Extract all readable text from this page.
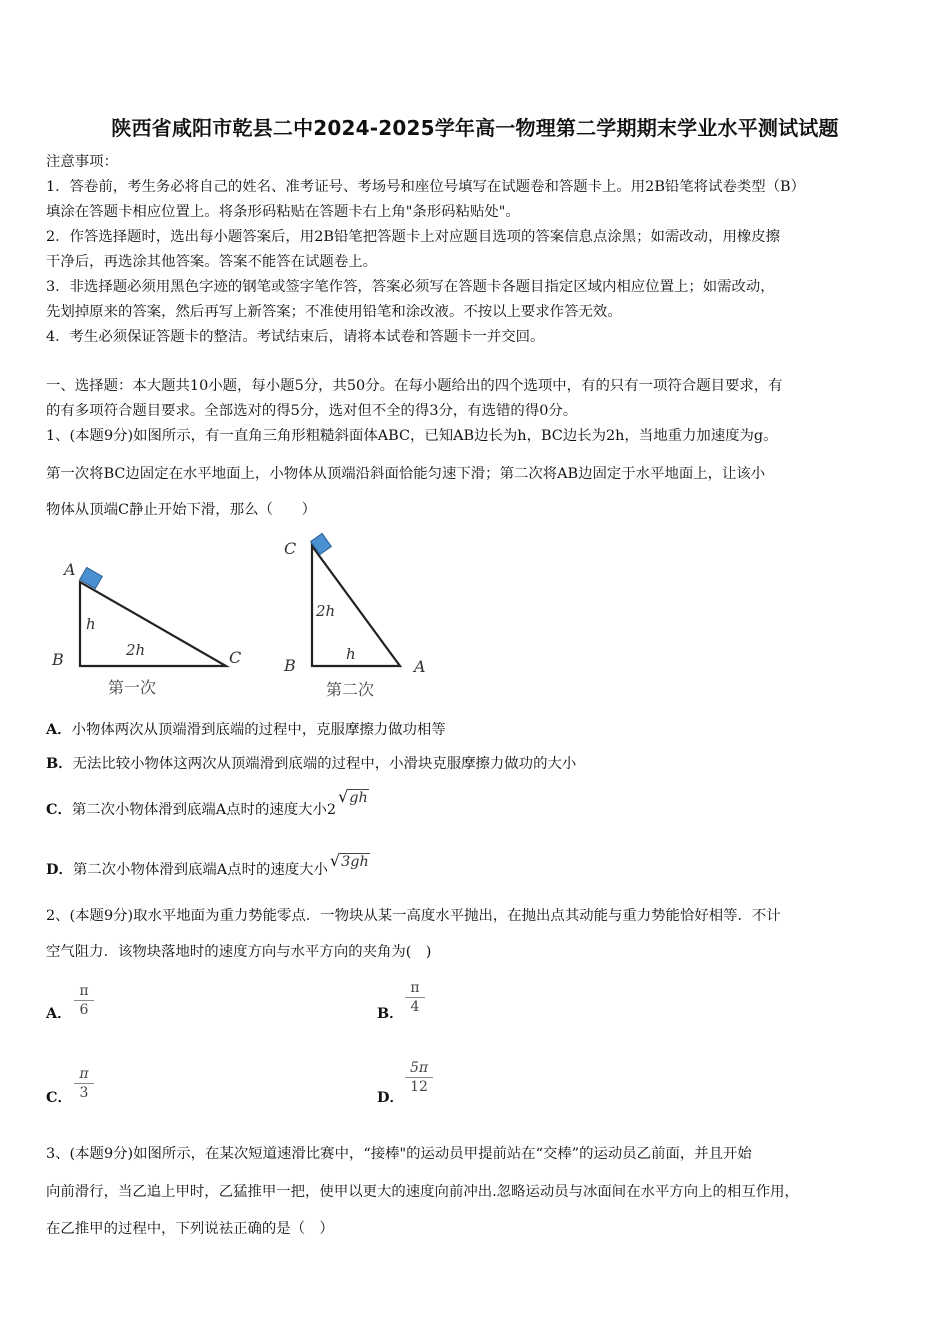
陕西省咸阳市乾县二中2024-2025学年高一物理第二学期期末学业水平测试试题
注意事项：
1．答卷前，考生务必将自己的姓名、准考证号、考场号和座位号填写在试题卷和答题卡上。用2B铅笔将试卷类型（B）
填涂在答题卡相应位置上。将条形码粘贴在答题卡右上角"条形码粘贴处"。
2．作答选择题时，选出每小题答案后，用2B铅笔把答题卡上对应题目选项的答案信息点涂黑；如需改动，用橡皮擦
干净后，再选涂其他答案。答案不能答在试题卷上。
3．非选择题必须用黑色字迹的钢笔或签字笔作答，答案必须写在答题卡各题目指定区域内相应位置上；如需改动，
先划掉原来的答案，然后再写上新答案；不准使用铅笔和涂改液。不按以上要求作答无效。
4．考生必须保证答题卡的整洁。考试结束后，请将本试卷和答题卡一并交回。
一、选择题：本大题共10小题，每小题5分，共50分。在每小题给出的四个选项中，有的只有一项符合题目要求，有
的有多项符合题目要求。全部选对的得5分，选对但不全的得3分，有选错的得0分。
1、(本题9分)如图所示，有一直角三角形粗糙斜面体ABC，已知AB边长为h，BC边长为2h，当地重力加速度为g。
第一次将BC边固定在水平地面上，小物体从顶端沿斜面恰能匀速下滑；第二次将AB边固定于水平地面上，让该小
物体从顶端C静止开始下滑，那么（　　）
A
B	C
h
2h
第一次
C
B	A
2h
h
第二次
A．小物体两次从顶端滑到底端的过程中，克服摩擦力做功相等
B．无法比较小物体这两次从顶端滑到底端的过程中，小滑块克服摩擦力做功的大小
C．第二次小物体滑到底端A点时的速度大小2√gh
D．第二次小物体滑到底端A点时的速度大小 √3gh
2、(本题9分)取水平地面为重力势能零点．一物块从某一高度水平抛出，在抛出点其动能与重力势能恰好相等．不计
空气阻力．该物块落地时的速度方向与水平方向的夹角为(　)
A． $\frac{\pi}{6}$	B． $\frac{\pi}{4}$
C． $\frac{\pi}{3}$	D．
$\frac{5\pi}{12}$
3、(本题9分)如图所示，在某次短道速滑比赛中，“接棒"的运动员甲提前站在“交棒”的运动员乙前面，并且开始
向前滑行，当乙追上甲时，乙猛推甲一把，使甲以更大的速度向前冲出.忽略运动员与冰面间在水平方向上的相互作用，
在乙推甲的过程中，下列说祛正确的是（　）
